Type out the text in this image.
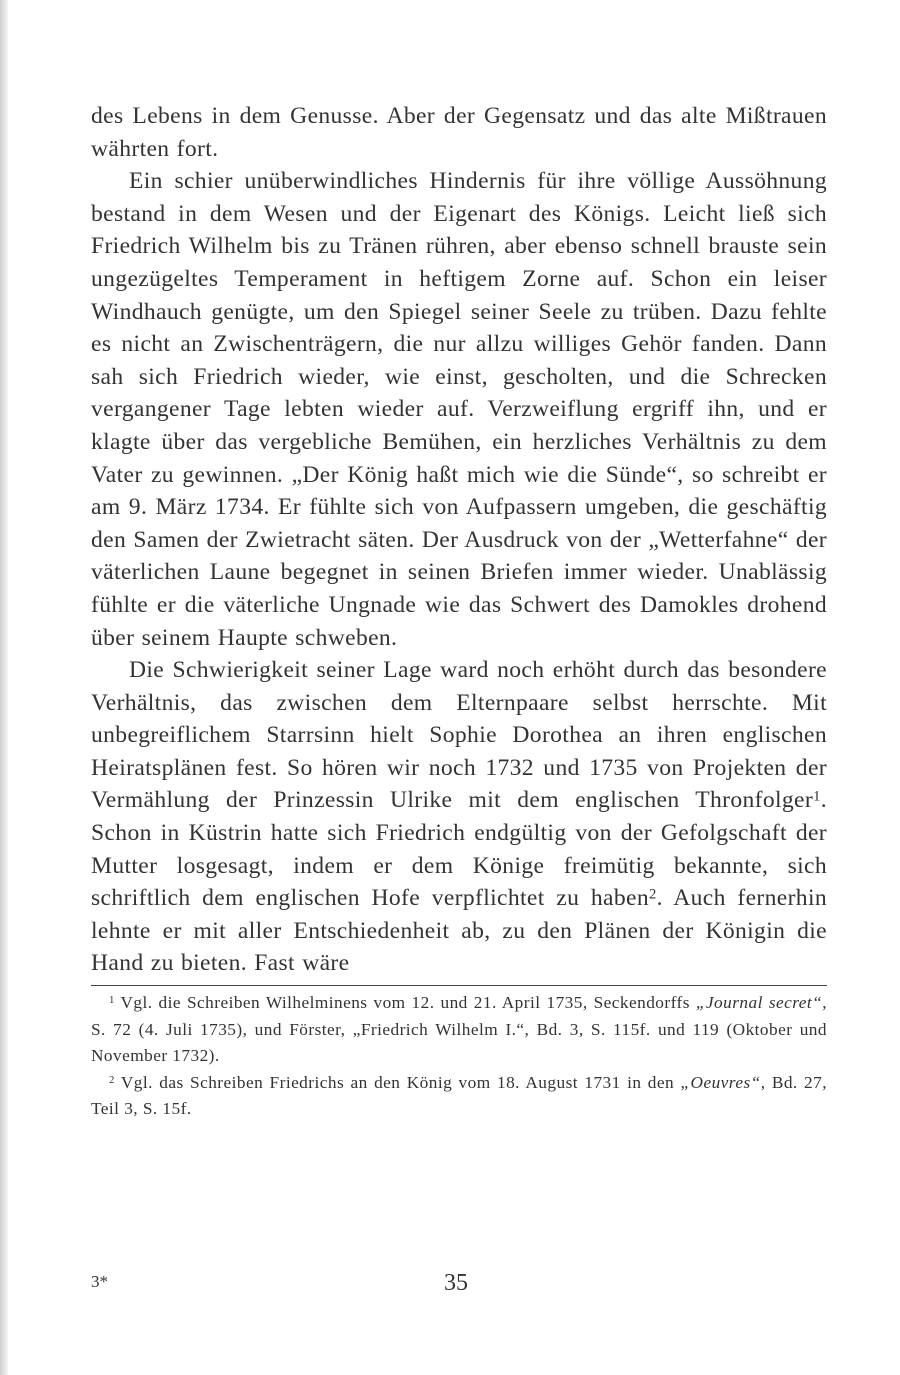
des Lebens in dem Genusse. Aber der Gegensatz und das alte Mißtrauen währten fort.

Ein schier unüberwindliches Hindernis für ihre völlige Aussöhnung bestand in dem Wesen und der Eigenart des Königs. Leicht ließ sich Friedrich Wilhelm bis zu Tränen rühren, aber ebenso schnell brauste sein ungezügeltes Temperament in heftigem Zorne auf. Schon ein leiser Windhauch genügte, um den Spiegel seiner Seele zu trüben. Dazu fehlte es nicht an Zwischenträgern, die nur allzu williges Gehör fanden. Dann sah sich Friedrich wieder, wie einst, gescholten, und die Schrecken vergangener Tage lebten wieder auf. Verzweiflung ergriff ihn, und er klagte über das vergebliche Bemühen, ein herzliches Verhältnis zu dem Vater zu gewinnen. „Der König haßt mich wie die Sünde“, so schreibt er am 9. März 1734. Er fühlte sich von Aufpassern umgeben, die geschäftig den Samen der Zwietracht säten. Der Ausdruck von der „Wetterfahne“ der väterlichen Laune begegnet in seinen Briefen immer wieder. Unablässig fühlte er die väterliche Ungnade wie das Schwert des Damokles drohend über seinem Haupte schweben.

Die Schwierigkeit seiner Lage ward noch erhöht durch das besondere Verhältnis, das zwischen dem Elternpaare selbst herrschte. Mit unbegreiflichem Starrsinn hielt Sophie Dorothea an ihren englischen Heiratsplänen fest. So hören wir noch 1732 und 1735 von Projekten der Vermählung der Prinzessin Ulrike mit dem englischen Thronfolger$^1$. Schon in Küstrin hatte sich Friedrich endgültig von der Gefolgschaft der Mutter losgesagt, indem er dem Könige freimütig bekannte, sich schriftlich dem englischen Hofe verpflichtet zu haben$^2$. Auch fernerhin lehnte er mit aller Entschiedenheit ab, zu den Plänen der Königin die Hand zu bieten. Fast wäre

$^1$ Vgl. die Schreiben Wilhelminens vom 12. und 21. April 1735, Seckendorffs „Journal secret“, S. 72 (4. Juli 1735), und Förster, „Friedrich Wilhelm I.“, Bd. 3, S. 115f. und 119 (Oktober und November 1732).

$^2$ Vgl. das Schreiben Friedrichs an den König vom 18. August 1731 in den „Oeuvres“, Bd. 27, Teil 3, S. 15f.

3*	35
